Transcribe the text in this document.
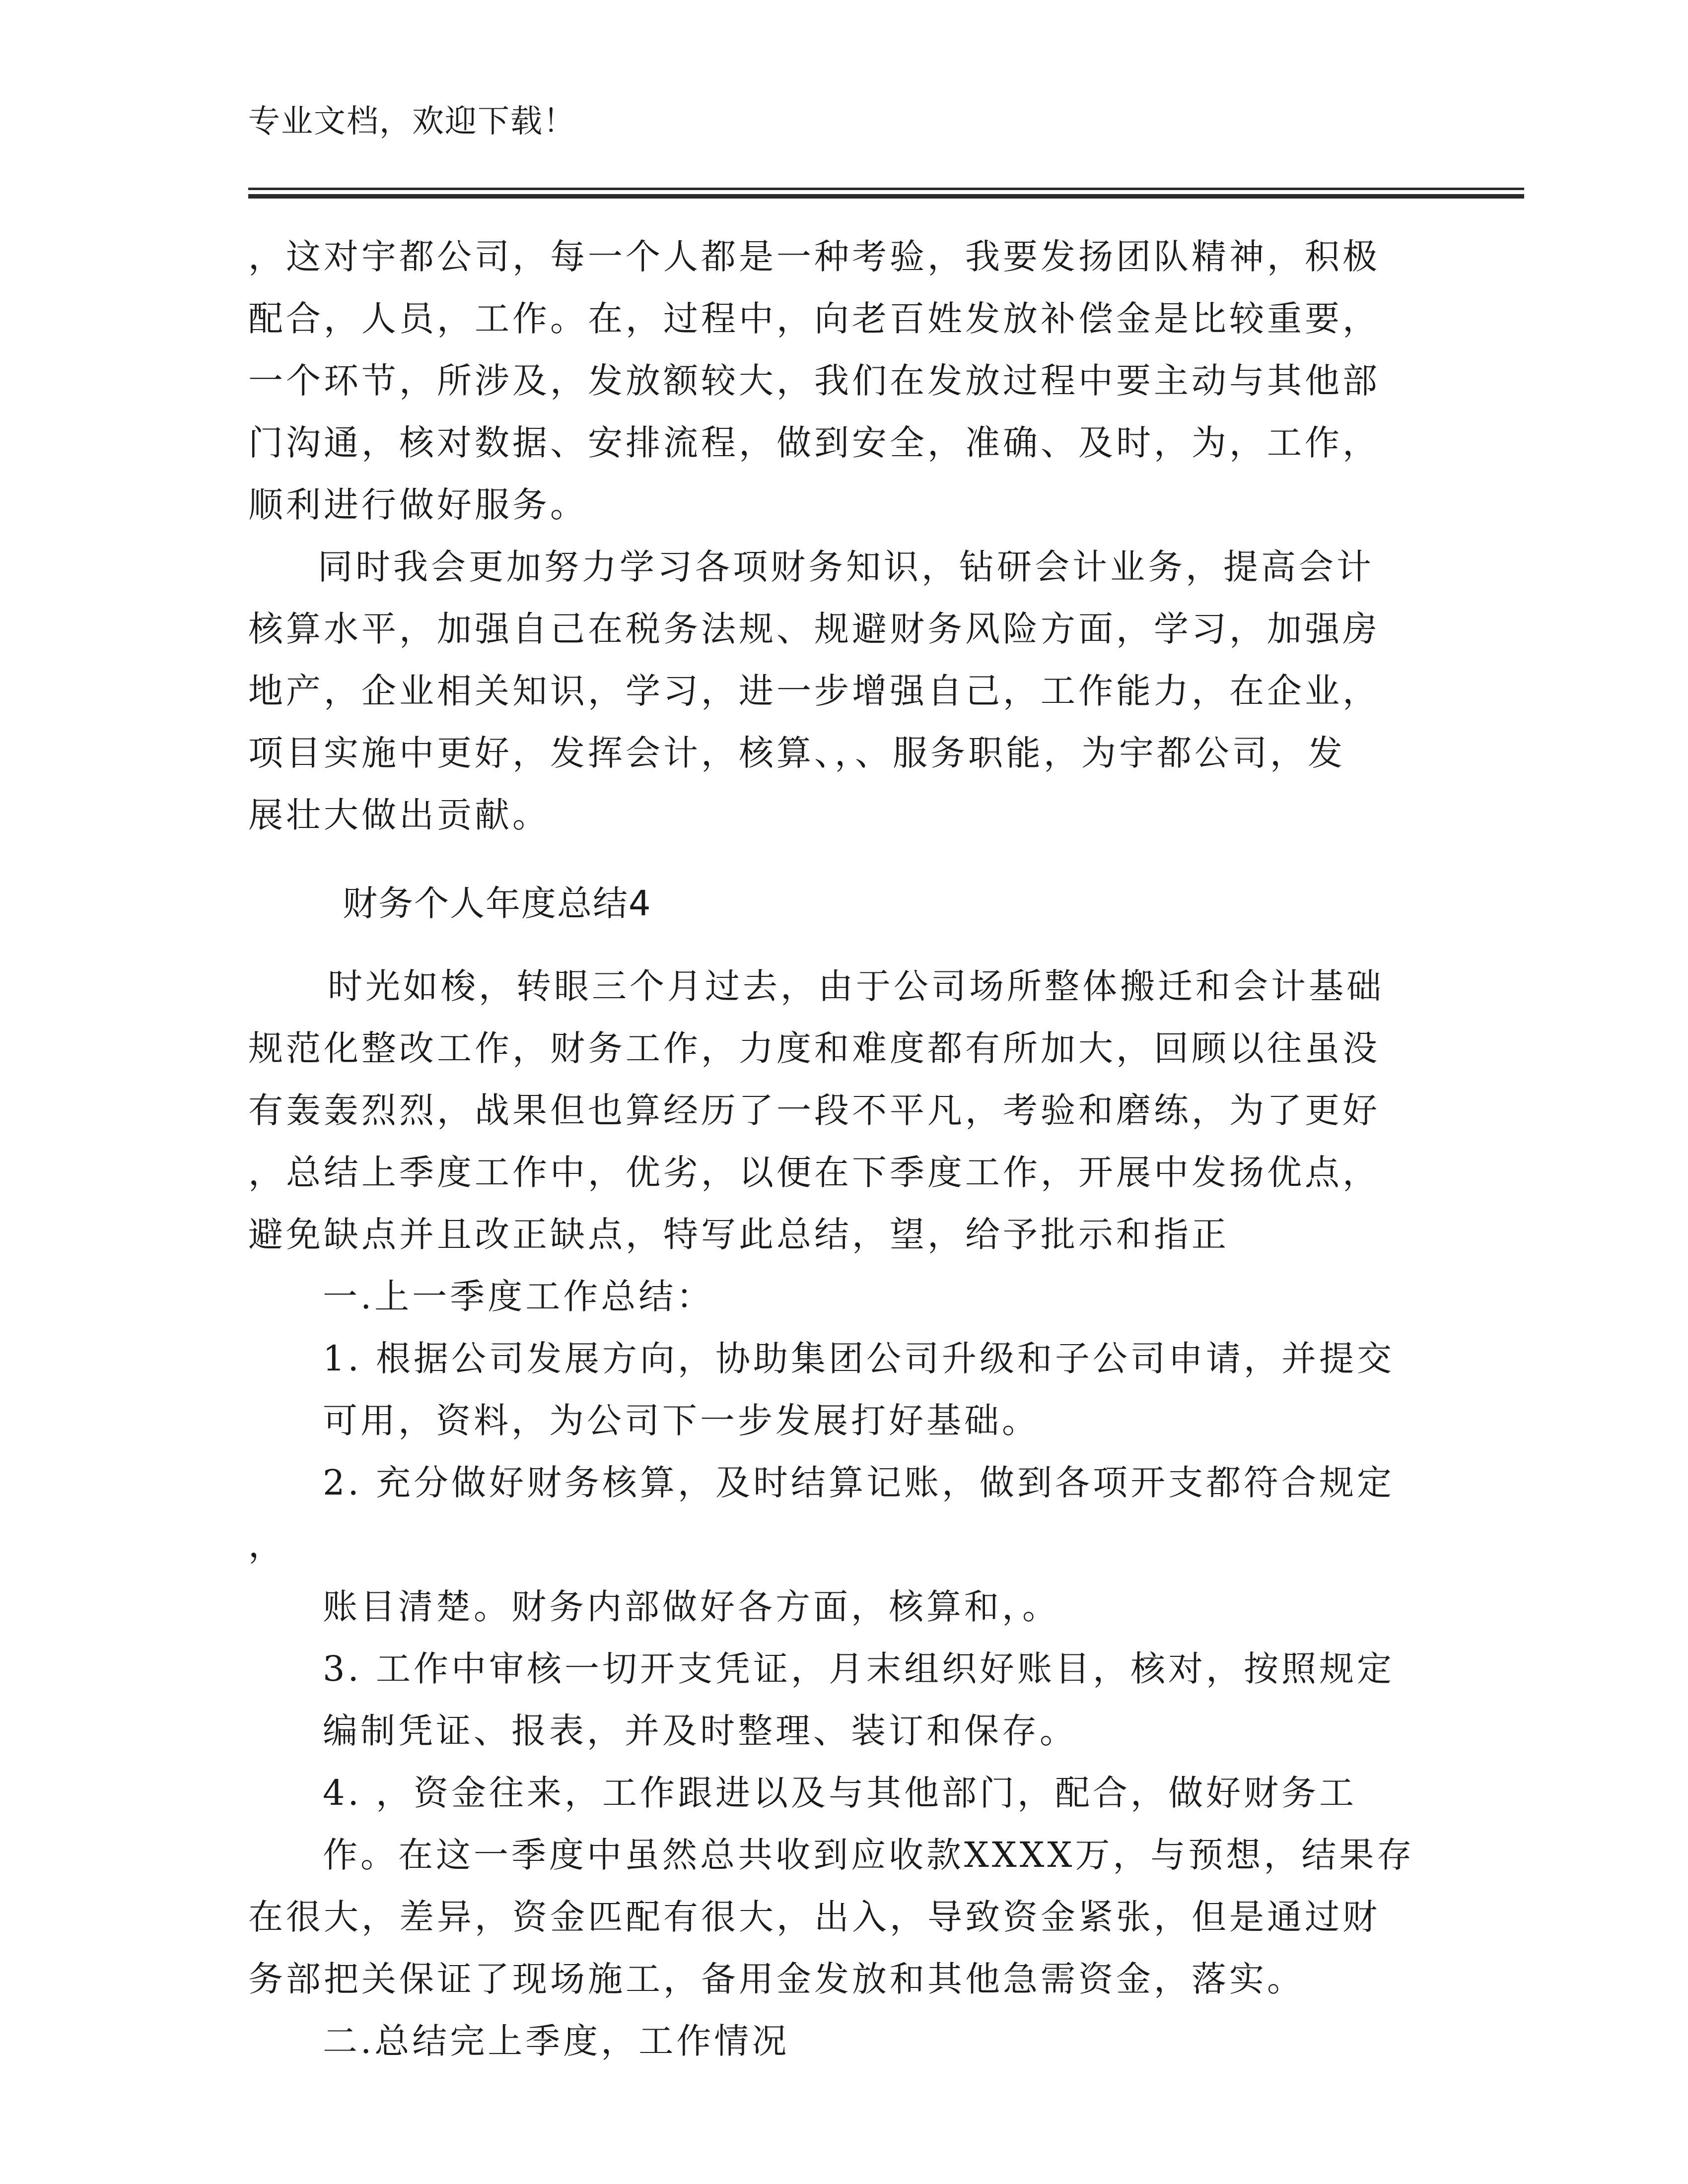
专业文档，欢迎下载！
，这对宇都公司，每一个人都是一种考验，我要发扬团队精神，积极
配合，人员，工作。在，过程中，向老百姓发放补偿金是比较重要，
一个环节，所涉及，发放额较大，我们在发放过程中要主动与其他部
门沟通，核对数据、安排流程，做到安全，准确、及时，为，工作，
顺利进行做好服务。
同时我会更加努力学习各项财务知识，钻研会计业务，提高会计
核算水平，加强自己在税务法规、规避财务风险方面，学习，加强房
地产，企业相关知识，学习，进一步增强自己，工作能力，在企业，
项目实施中更好，发挥会计，核算、，、服务职能，为宇都公司，发
展壮大做出贡献。
财务个人年度总结4
时光如梭，转眼三个月过去，由于公司场所整体搬迁和会计基础
规范化整改工作，财务工作，力度和难度都有所加大，回顾以往虽没
有轰轰烈烈，战果但也算经历了一段不平凡，考验和磨练，为了更好
，总结上季度工作中，优劣，以便在下季度工作，开展中发扬优点，
避免缺点并且改正缺点，特写此总结，望，给予批示和指正
一.上一季度工作总结：
1. 根据公司发展方向，协助集团公司升级和子公司申请，并提交
可用，资料，为公司下一步发展打好基础。
2. 充分做好财务核算，及时结算记账，做到各项开支都符合规定
，
账目清楚。财务内部做好各方面，核算和，。
3. 工作中审核一切开支凭证，月末组织好账目，核对，按照规定
编制凭证、报表，并及时整理、装订和保存。
4. ，资金往来，工作跟进以及与其他部门，配合，做好财务工
作。在这一季度中虽然总共收到应收款XXXX万，与预想，结果存
在很大，差异，资金匹配有很大，出入，导致资金紧张，但是通过财
务部把关保证了现场施工，备用金发放和其他急需资金，落实。
二.总结完上季度，工作情况
